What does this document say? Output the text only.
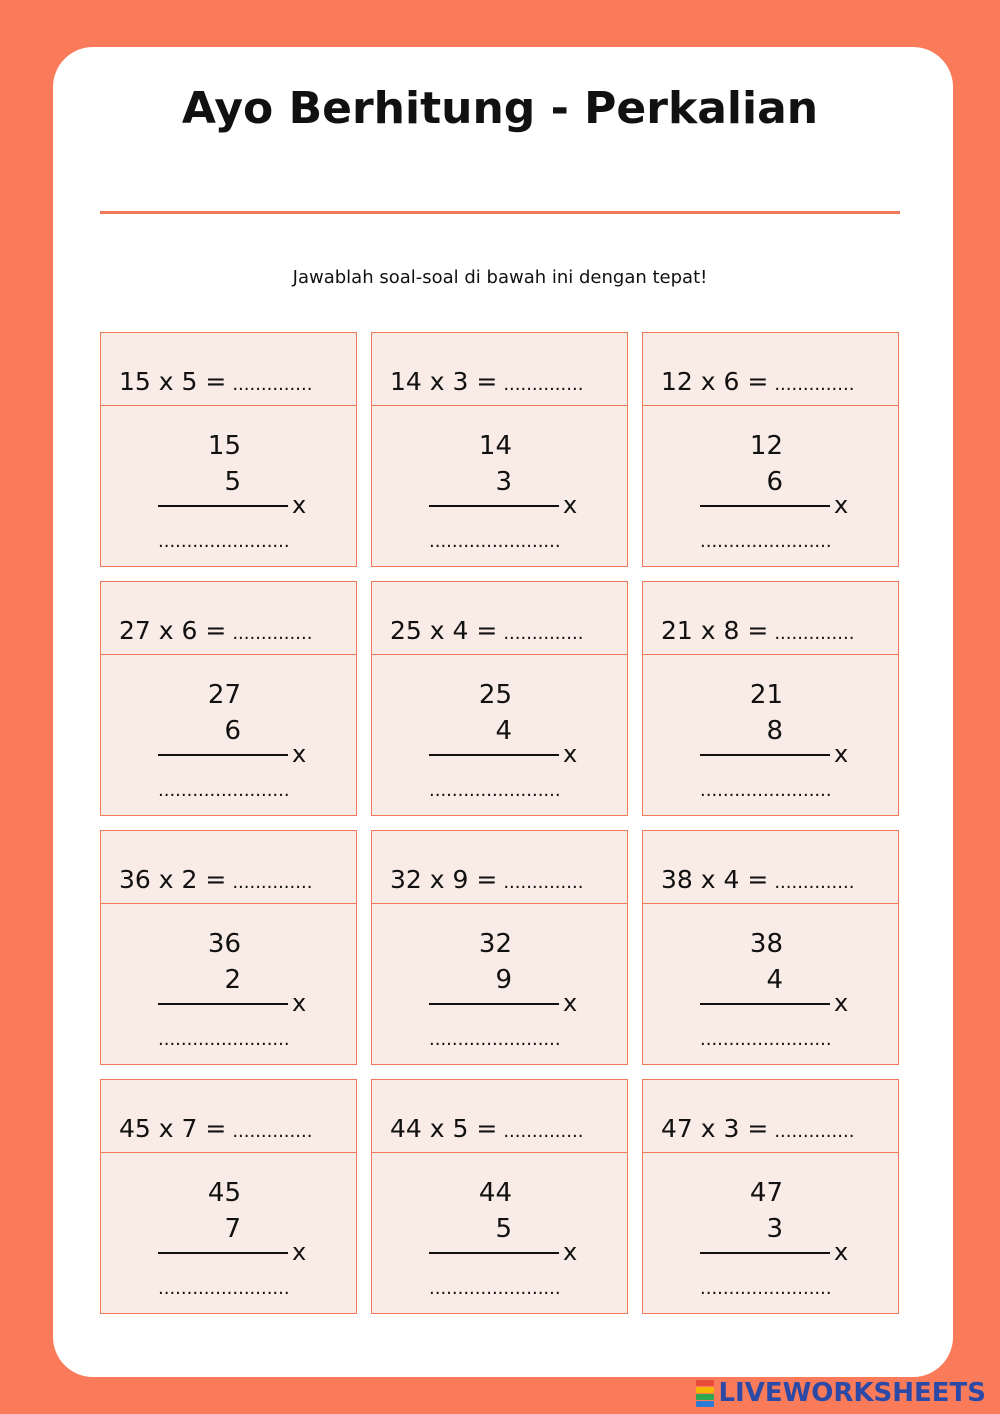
Ayo Berhitung - Perkalian
Jawablah soal-soal di bawah ini dengan tepat!
15 x 5 = ..............
15
5
x
.......................
14 x 3 = ..............
14
3
x
.......................
12 x 6 = ..............
12
6
x
.......................
27 x 6 = ..............
27
6
x
.......................
25 x 4 = ..............
25
4
x
.......................
21 x 8 = ..............
21
8
x
.......................
36 x 2 = ..............
36
2
x
.......................
32 x 9 = ..............
32
9
x
.......................
38 x 4 = ..............
38
4
x
.......................
45 x 7 = ..............
45
7
x
.......................
44 x 5 = ..............
44
5
x
.......................
47 x 3 = ..............
47
3
x
.......................
LIVEWORKSHEETS
